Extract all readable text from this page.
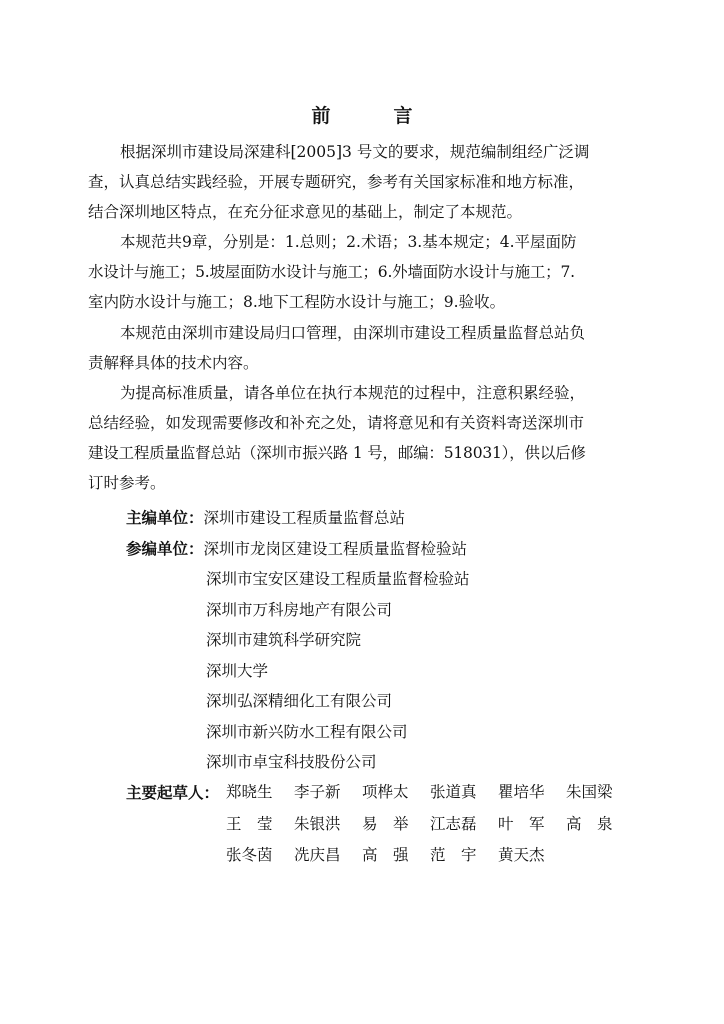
前　言
根据深圳市建设局深建科[2005]3 号文的要求，规范编制组经广泛调
查，认真总结实践经验，开展专题研究，参考有关国家标准和地方标准，
结合深圳地区特点，在充分征求意见的基础上，制定了本规范。
本规范共9章，分别是：1.总则；2.术语；3.基本规定；4.平屋面防
水设计与施工；5.坡屋面防水设计与施工；6.外墙面防水设计与施工；7.
室内防水设计与施工；8.地下工程防水设计与施工；9.验收。
本规范由深圳市建设局归口管理，由深圳市建设工程质量监督总站负
责解释具体的技术内容。
为提高标准质量，请各单位在执行本规范的过程中，注意积累经验，
总结经验，如发现需要修改和补充之处，请将意见和有关资料寄送深圳市
建设工程质量监督总站（深圳市振兴路 1 号，邮编：518031），供以后修
订时参考。
主编单位：深圳市建设工程质量监督总站
参编单位：深圳市龙岗区建设工程质量监督检验站
深圳市宝安区建设工程质量监督检验站
深圳市万科房地产有限公司
深圳市建筑科学研究院
深圳大学
深圳弘深精细化工有限公司
深圳市新兴防水工程有限公司
深圳市卓宝科技股份公司
主要起草人： 郑晓生	李子新	项桦太	张道真	瞿培华	朱国梁
王　莹	朱银洪	易　举	江志磊	叶　军	高　泉
张冬茵	冼庆昌	高　强	范　宇	黄天杰
